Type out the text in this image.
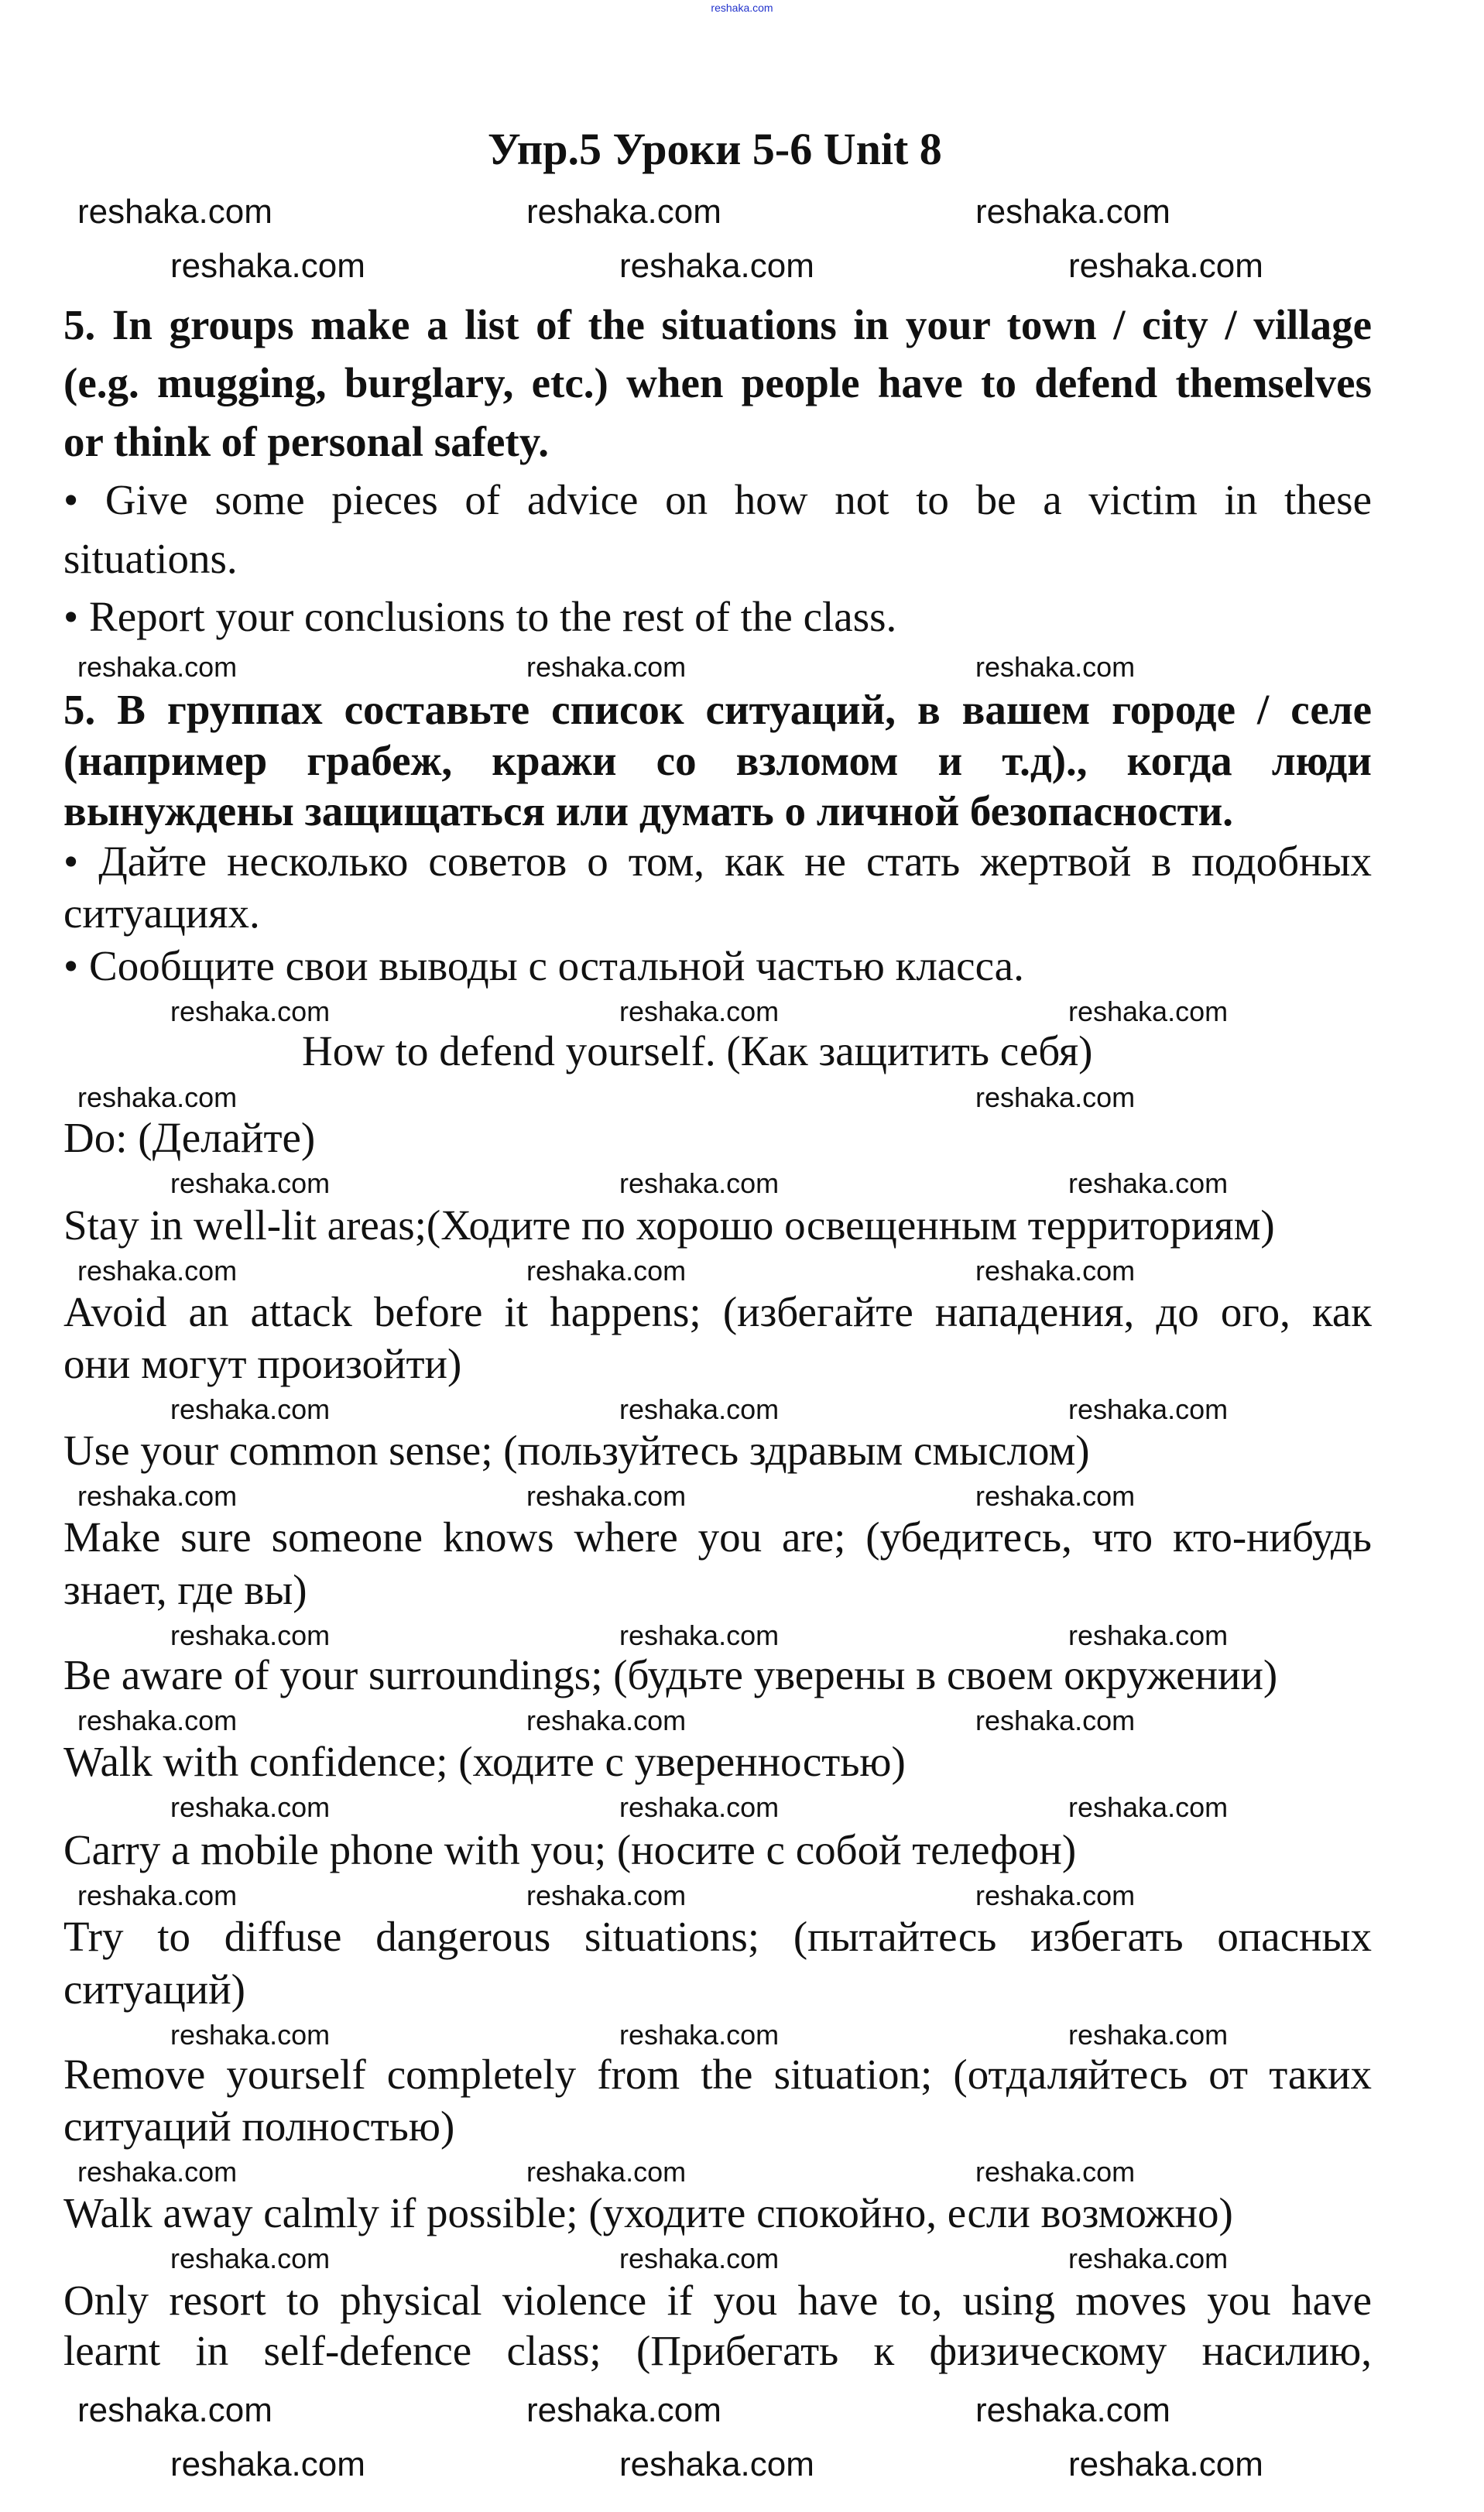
reshaka.com
Упр.5 Уроки 5-6 Unit 8
5. In groups make a list of the situations in your town / city / village
(e.g. mugging, burglary, etc.) when people have to defend themselves
or think of personal safety.
• Give some pieces of advice on how not to be a victim in these
situations.
• Report your conclusions to the rest of the class.
5. В группах составьте список ситуаций, в вашем городе / селе
(например грабеж, кражи со взломом и т.д)., когда люди
вынуждены защищаться или думать о личной безопасности.
• Дайте несколько советов о том, как не стать жертвой в подобных
ситуациях.
• Сообщите свои выводы с остальной частью класса.
How to defend yourself. (Как защитить себя)
Do: (Делайте)
Stay in well-lit areas;(Ходите по хорошо освещенным территориям)
Avoid an attack before it happens; (избегайте нападения, до ого, как
они могут произойти)
Use your common sense; (пользуйтесь здравым смыслом)
Make sure someone knows where you are; (убедитесь, что кто-нибудь
знает, где вы)
Be aware of your surroundings; (будьте уверены в своем окружении)
Walk with confidence; (ходите с уверенностью)
Carry a mobile phone with you; (носите с собой телефон)
Try to diffuse dangerous situations; (пытайтесь избегать опасных
ситуаций)
Remove yourself completely from the situation; (отдаляйтесь от таких
ситуаций полностью)
Walk away calmly if possible; (уходите спокойно, если возможно)
Only resort to physical violence if you have to, using moves you have
learnt in self-defence class; (Прибегать к физическому насилию,
reshaka.com	reshaka.com	reshaka.com
reshaka.com	reshaka.com	reshaka.com
reshaka.com	reshaka.com	reshaka.com
reshaka.com	reshaka.com	reshaka.com
reshaka.com	reshaka.com
reshaka.com	reshaka.com	reshaka.com
reshaka.com	reshaka.com	reshaka.com
reshaka.com	reshaka.com	reshaka.com
reshaka.com	reshaka.com	reshaka.com
reshaka.com	reshaka.com	reshaka.com
reshaka.com	reshaka.com	reshaka.com
reshaka.com	reshaka.com	reshaka.com
reshaka.com	reshaka.com	reshaka.com
reshaka.com	reshaka.com	reshaka.com
reshaka.com	reshaka.com	reshaka.com
reshaka.com	reshaka.com	reshaka.com
reshaka.com	reshaka.com	reshaka.com
reshaka.com	reshaka.com	reshaka.com
